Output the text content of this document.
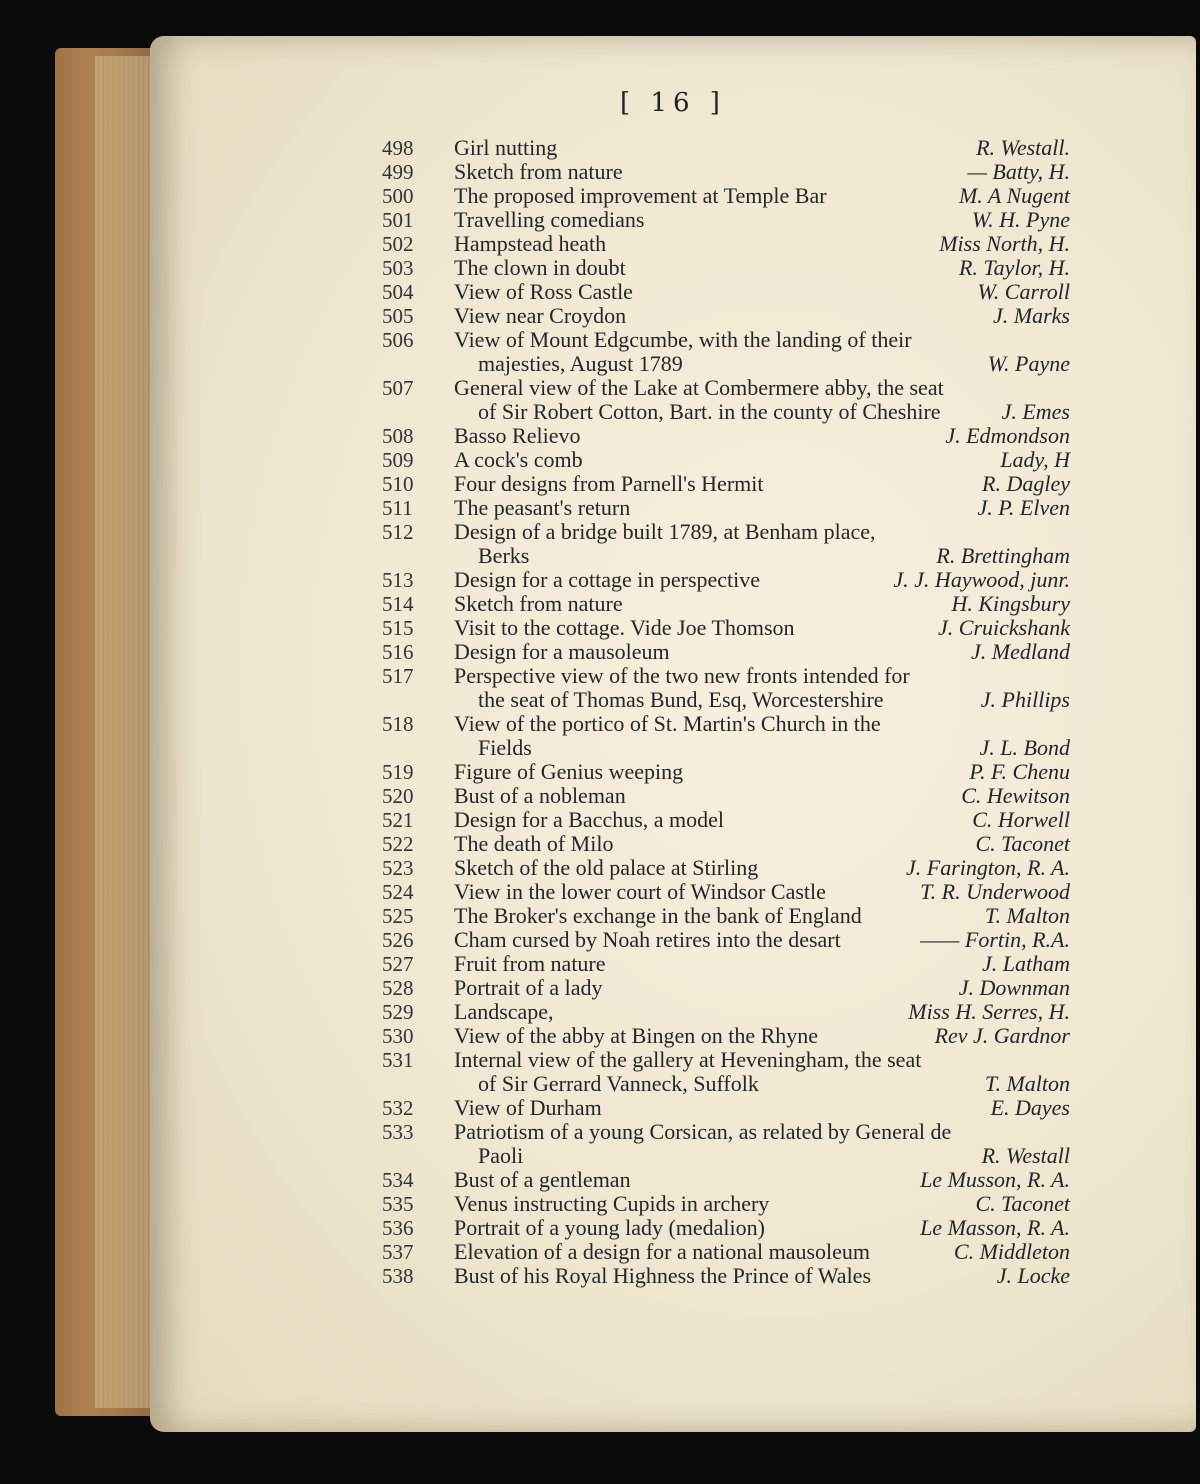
[ 16 ]
498	Girl nutting	R. Westall.
499	Sketch from nature	— Batty, H.
500	The proposed improvement at Temple Bar	M. A Nugent
501	Travelling comedians	W. H. Pyne
502	Hampstead heath	Miss North, H.
503	The clown in doubt	R. Taylor, H.
504	View of Ross Castle	W. Carroll
505	View near Croydon	J. Marks
506	View of Mount Edgcumbe, with the landing of their
majesties, August 1789	W. Payne
507	General view of the Lake at Combermere abby, the seat
of Sir Robert Cotton, Bart. in the county of Cheshire	J. Emes
508	Basso Relievo	J. Edmondson
509	A cock's comb	Lady, H
510	Four designs from Parnell's Hermit	R. Dagley
511	The peasant's return	J. P. Elven
512	Design of a bridge built 1789, at Benham place,
Berks	R. Brettingham
513	Design for a cottage in perspective	J. J. Haywood, junr.
514	Sketch from nature	H. Kingsbury
515	Visit to the cottage. Vide Joe Thomson	J. Cruickshank
516	Design for a mausoleum	J. Medland
517	Perspective view of the two new fronts intended for
the seat of Thomas Bund, Esq, Worcestershire	J. Phillips
518	View of the portico of St. Martin's Church in the
Fields	J. L. Bond
519	Figure of Genius weeping	P. F. Chenu
520	Bust of a nobleman	C. Hewitson
521	Design for a Bacchus, a model	C. Horwell
522	The death of Milo	C. Taconet
523	Sketch of the old palace at Stirling	J. Farington, R. A.
524	View in the lower court of Windsor Castle	T. R. Underwood
525	The Broker's exchange in the bank of England	T. Malton
526	Cham cursed by Noah retires into the desart	—— Fortin, R.A.
527	Fruit from nature	J. Latham
528	Portrait of a lady	J. Downman
529	Landscape,	Miss H. Serres, H.
530	View of the abby at Bingen on the Rhyne	Rev J. Gardnor
531	Internal view of the gallery at Heveningham, the seat
of Sir Gerrard Vanneck, Suffolk	T. Malton
532	View of Durham	E. Dayes
533	Patriotism of a young Corsican, as related by General de
Paoli	R. Westall
534	Bust of a gentleman	Le Musson, R. A.
535	Venus instructing Cupids in archery	C. Taconet
536	Portrait of a young lady (medalion)	Le Masson, R. A.
537	Elevation of a design for a national mausoleum	C. Middleton
538	Bust of his Royal Highness the Prince of Wales	J. Locke
